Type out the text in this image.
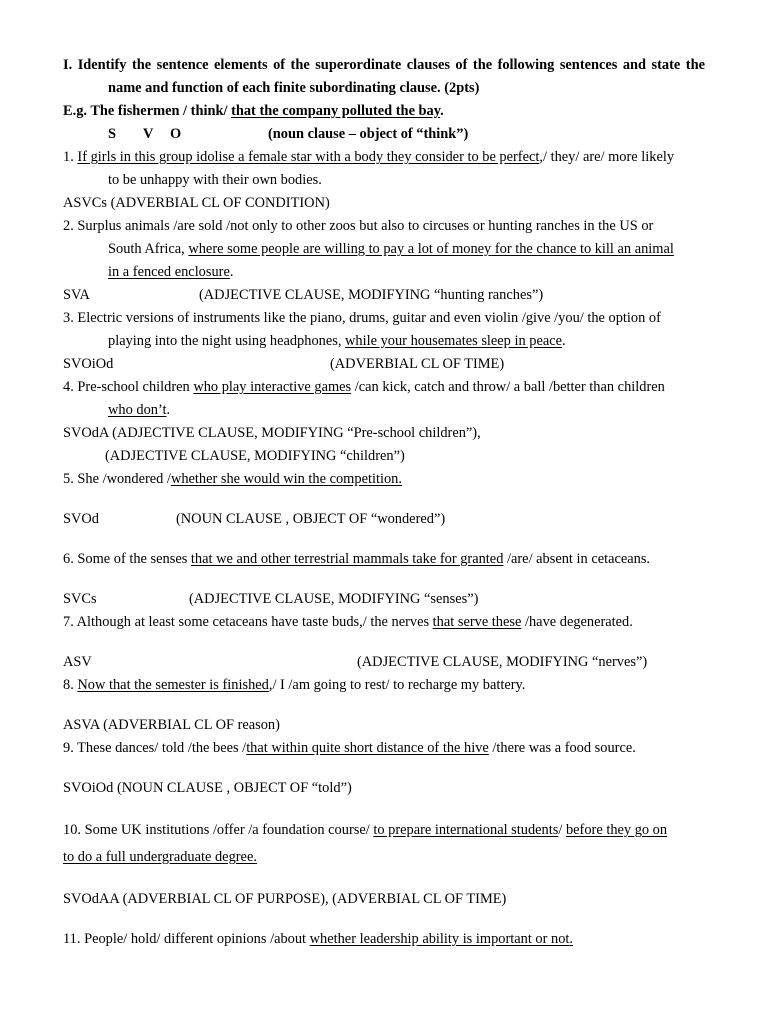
I. Identify the sentence elements of the superordinate clauses of the following sentences and state the name and function of each finite subordinating clause. (2pts)
E.g. The fishermen / think/ that the company polluted the bay.
S V O	(noun clause – object of “think”)
1. If girls in this group idolise a female star with a body they consider to be perfect,/ they/ are/ more likely
to be unhappy with their own bodies.
ASVCs (ADVERBIAL CL OF CONDITION)
2. Surplus animals /are sold /not only to other zoos but also to circuses or hunting ranches in the US or
South Africa, where some people are willing to pay a lot of money for the chance to kill an animal
in a fenced enclosure.
SVA	(ADJECTIVE CLAUSE, MODIFYING “hunting ranches”)
3. Electric versions of instruments like the piano, drums, guitar and even violin /give /you/ the option of
playing into the night using headphones, while your housemates sleep in peace.
SVOiOd	(ADVERBIAL CL OF TIME)
4. Pre-school children who play interactive games /can kick, catch and throw/ a ball /better than children
who don’t.
SVOdA (ADJECTIVE CLAUSE, MODIFYING “Pre-school children”),
(ADJECTIVE CLAUSE, MODIFYING “children”)
5. She /wondered /whether she would win the competition.
SVOd	(NOUN CLAUSE , OBJECT OF “wondered”)
6. Some of the senses that we and other terrestrial mammals take for granted /are/ absent in cetaceans.
SVCs	(ADJECTIVE CLAUSE, MODIFYING “senses”)
7. Although at least some cetaceans have taste buds,/ the nerves that serve these /have degenerated.
ASV	(ADJECTIVE CLAUSE, MODIFYING “nerves”)
8. Now that the semester is finished,/ I /am going to rest/ to recharge my battery.
ASVA (ADVERBIAL CL OF reason)
9. These dances/ told /the bees /that within quite short distance of the hive /there was a food source.
SVOiOd (NOUN CLAUSE , OBJECT OF “told”)
10. Some UK institutions /offer /a foundation course/ to prepare international students/ before they go on
to do a full undergraduate degree.
SVOdAA (ADVERBIAL CL OF PURPOSE), (ADVERBIAL CL OF TIME)
11. People/ hold/ different opinions /about whether leadership ability is important or not.
